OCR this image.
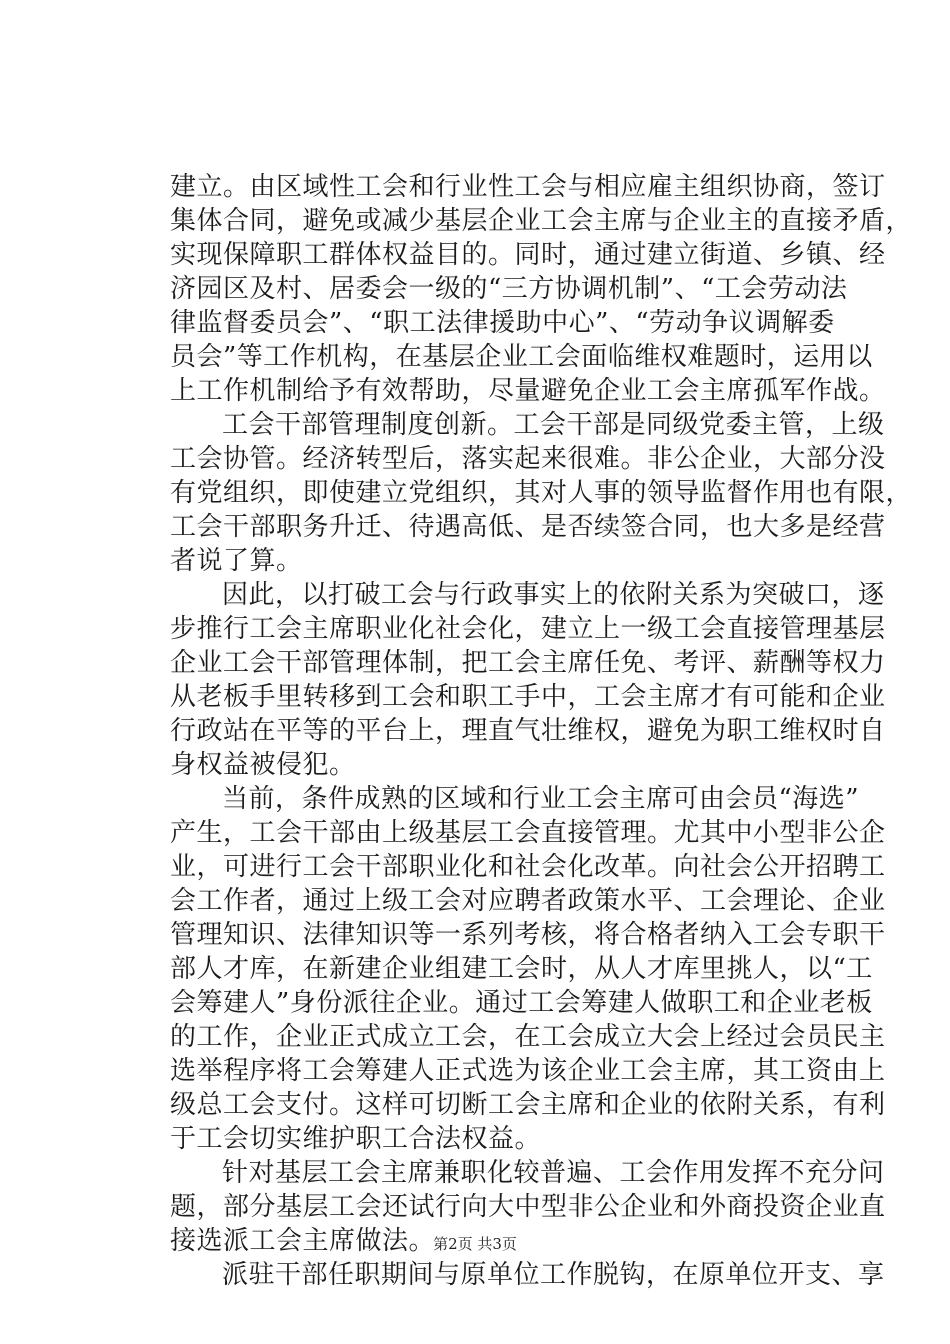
建立。由区域性工会和行业性工会与相应雇主组织协商，签订
集体合同，避免或减少基层企业工会主席与企业主的直接矛盾，
实现保障职工群体权益目的。同时，通过建立街道、乡镇、经
济园区及村、居委会一级的“三方协调机制”、“工会劳动法
律监督委员会”、“职工法律援助中心”、“劳动争议调解委
员会”等工作机构，在基层企业工会面临维权难题时，运用以
上工作机制给予有效帮助，尽量避免企业工会主席孤军作战。
工会干部管理制度创新。工会干部是同级党委主管，上级
工会协管。经济转型后，落实起来很难。非公企业，大部分没
有党组织，即使建立党组织，其对人事的领导监督作用也有限，
工会干部职务升迁、待遇高低、是否续签合同，也大多是经营
者说了算。
因此，以打破工会与行政事实上的依附关系为突破口，逐
步推行工会主席职业化社会化，建立上一级工会直接管理基层
企业工会干部管理体制，把工会主席任免、考评、薪酬等权力
从老板手里转移到工会和职工手中，工会主席才有可能和企业
行政站在平等的平台上，理直气壮维权，避免为职工维权时自
身权益被侵犯。
当前，条件成熟的区域和行业工会主席可由会员“海选”
产生，工会干部由上级基层工会直接管理。尤其中小型非公企
业，可进行工会干部职业化和社会化改革。向社会公开招聘工
会工作者，通过上级工会对应聘者政策水平、工会理论、企业
管理知识、法律知识等一系列考核，将合格者纳入工会专职干
部人才库，在新建企业组建工会时，从人才库里挑人，以“工
会筹建人”身份派往企业。通过工会筹建人做职工和企业老板
的工作，企业正式成立工会，在工会成立大会上经过会员民主
选举程序将工会筹建人正式选为该企业工会主席，其工资由上
级总工会支付。这样可切断工会主席和企业的依附关系，有利
于工会切实维护职工合法权益。
针对基层工会主席兼职化较普遍、工会作用发挥不充分问
题，部分基层工会还试行向大中型非公企业和外商投资企业直
接选派工会主席做法。
派驻干部任职期间与原单位工作脱钩，在原单位开支、享
第2页 共3页
